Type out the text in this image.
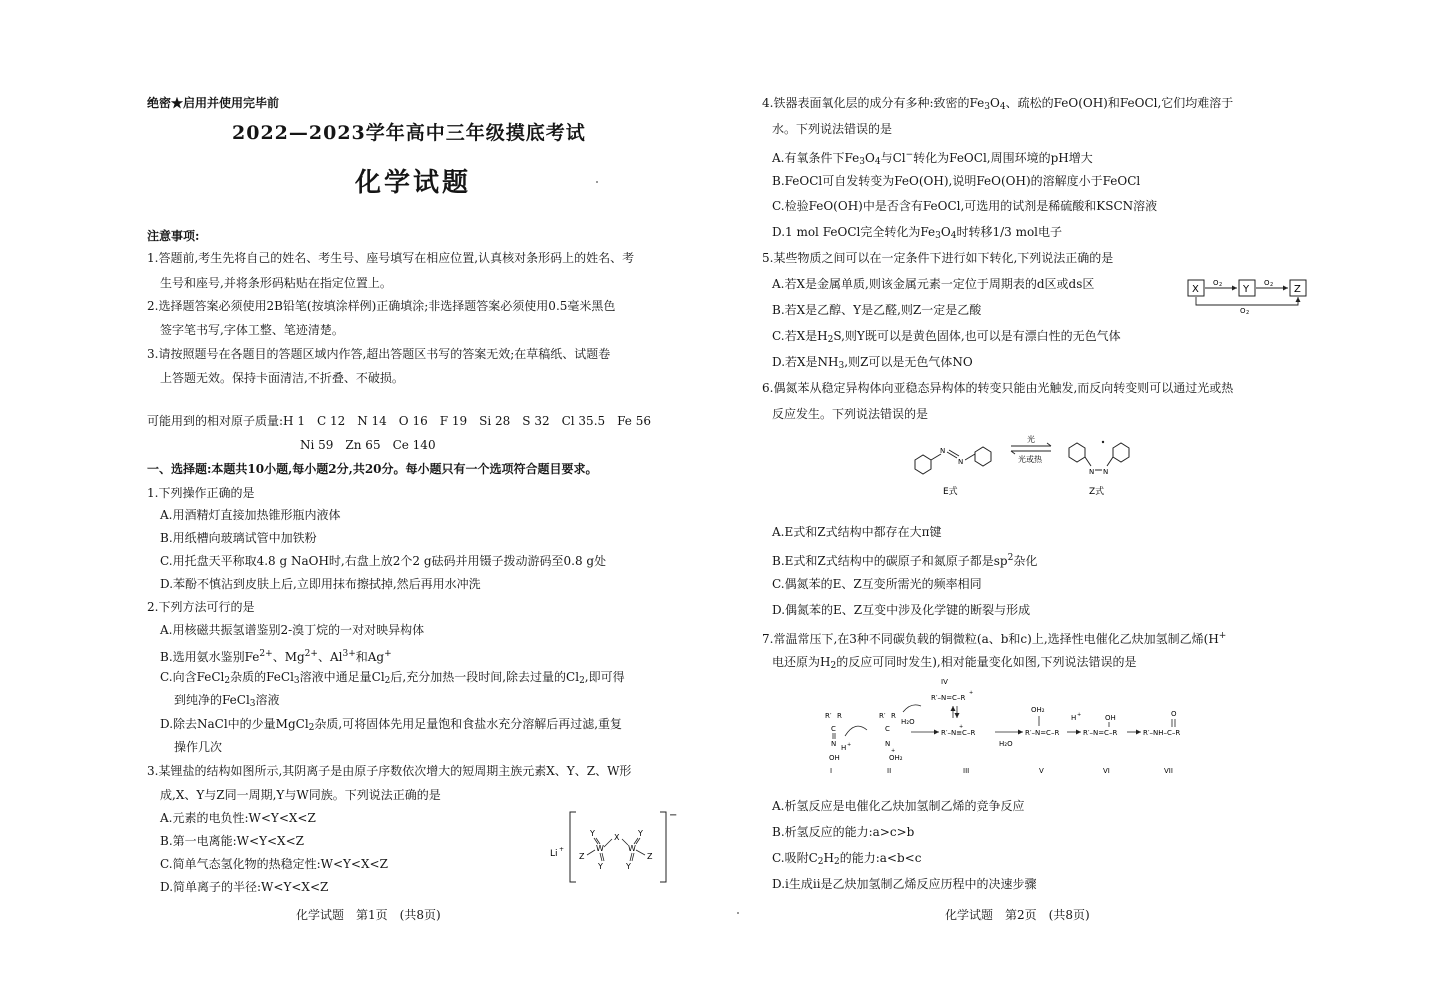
绝密★启用并使用完毕前
2022—2023学年高中三年级摸底考试
化学试题
注意事项:
1.答题前,考生先将自己的姓名、考生号、座号填写在相应位置,认真核对条形码上的姓名、考
生号和座号,并将条形码粘贴在指定位置上。
2.选择题答案必须使用2B铅笔(按填涂样例)正确填涂;非选择题答案必须使用0.5毫米黑色
签字笔书写,字体工整、笔迹清楚。
3.请按照题号在各题目的答题区域内作答,超出答题区书写的答案无效;在草稿纸、试题卷
上答题无效。保持卡面清洁,不折叠、不破损。
可能用到的相对原子质量:H 1　C 12　N 14　O 16　F 19　Si 28　S 32　Cl 35.5　Fe 56
Ni 59　Zn 65　Ce 140
一、选择题:本题共10小题,每小题2分,共20分。每小题只有一个选项符合题目要求。
1.下列操作正确的是
A.用酒精灯直接加热锥形瓶内液体
B.用纸槽向玻璃试管中加铁粉
C.用托盘天平称取4.8 g NaOH时,右盘上放2个2 g砝码并用镊子拨动游码至0.8 g处
D.苯酚不慎沾到皮肤上后,立即用抹布擦拭掉,然后再用水冲洗
2.下列方法可行的是
A.用核磁共振氢谱鉴别2-溴丁烷的一对对映异构体
B.选用氨水鉴别$Fe^{2+}$、$Mg^{2+}$、$Al^{3+}$和Ag+
C.向含FeCl$_2$杂质的FeCl$_3$溶液中通足量$Cl_2$后,充分加热一段时间,除去过量的$Cl_2$,即可得
到纯净的FeCl$_3$溶液
D.除去NaCl中的少量MgCl$_2$杂质,可将固体先用足量饱和食盐水充分溶解后再过滤,重复
操作几次
3.某锂盐的结构如图所示,其阴离子是由原子序数依次增大的短周期主族元素X、Y、Z、W形
成,X、Y与Z同一周期,Y与W同族。下列说法正确的是
A.元素的电负性:W<Y<X<Z
B.第一电离能:W<Y<X<Z
C.简单气态氢化物的热稳定性:W<Y<X<Z
D.简单离子的半径:W<Y<X<Z
Li +
−
X
W	W
Y	Y
Y	Y
Z	Z
化学试题　第1页　(共8页)
4.铁器表面氧化层的成分有多种:致密的$Fe_3O_4$、疏松的FeO(OH)和FeOCl,它们均难溶于
水。下列说法错误的是
A.有氧条件下$Fe_3O_4$与Cl−转化为FeOCl,周围环境的pH增大
B.FeOCl可自发转变为FeO(OH),说明FeO(OH)的溶解度小于FeOCl
C.检验FeO(OH)中是否含有FeOCl,可选用的试剂是稀硫酸和KSCN溶液
D.1 mol FeOCl完全转化为$Fe_3O_4$时转移1/3 mol电子
5.某些物质之间可以在一定条件下进行如下转化,下列说法正确的是
A.若X是金属单质,则该金属元素一定位于周期表的d区或ds区
B.若X是乙醇、Y是乙醛,则Z一定是乙酸
C.若X是$H_2S$,则Y既可以是黄色固体,也可以是有漂白性的无色气体
D.若X是$NH_3$,则Z可以是无色气体NO
X	Y	Z
O 2	O 2
O 2
6.偶氮苯从稳定异构体向亚稳态异构体的转变只能由光触发,而反向转变则可以通过光或热
反应发生。下列说法错误的是
N
N
E式
光
光或热
N N
Z式
A.E式和Z式结构中都存在大π键
B.E式和Z式结构中的碳原子和氮原子都是$sp^2$杂化
C.偶氮苯的E、Z互变所需光的频率相同
D.偶氮苯的E、Z互变中涉及化学键的断裂与形成
7.常温常压下,在3种不同碳负载的铜微粒(a、b和c)上,选择性电催化乙炔加氢制乙烯(H+
电还原为$H_2$的反应可同时发生),相对能量变化如图,下列说法错误的是
R′ R
C
N
OH
H +
I
R′ R
C
N
OH₂
+
II
H₂O
R′–N≡C–R
+
III
IV
R′–N=C–R
+
H₂O
OH₂
R′–N=C–R
V
H +	OH
R′–N=C–R
VI
O
R′–NH–C–R
VII
A.析氢反应是电催化乙炔加氢制乙烯的竞争反应
B.析氢反应的能力:a>c>b
C.吸附$C_2H_2$的能力:a<b<c
D.ⅰ生成ⅱ是乙炔加氢制乙烯反应历程中的决速步骤
化学试题　第2页　(共8页)
